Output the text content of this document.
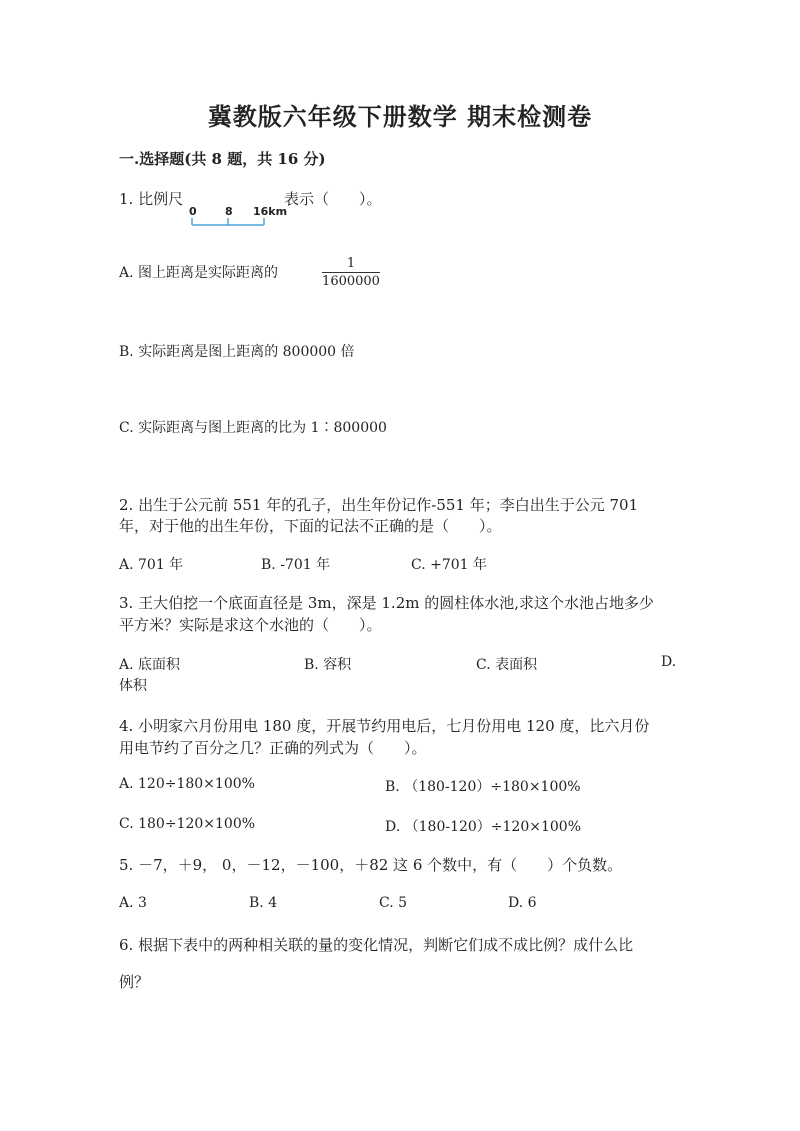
冀教版六年级下册数学 期末检测卷
一.选择题(共 8 题，共 16 分)
1. 比例尺
0	8 16km
表示（　　）。
A. 图上距离是实际距离的
1
1600000
B. 实际距离是图上距离的 800000 倍
C. 实际距离与图上距离的比为 1∶800000
2. 出生于公元前 551 年的孔子，出生年份记作-551 年；李白出生于公元 701
年，对于他的出生年份，下面的记法不正确的是（　　）。
A. 701 年	B. -701 年	C. +701 年
3. 王大伯挖一个底面直径是 3m，深是 1.2m 的圆柱体水池,求这个水池占地多少
平方米？实际是求这个水池的（　　）。
A. 底面积	B. 容积	C. 表面积	D.
体积
4. 小明家六月份用电 180 度，开展节约用电后，七月份用电 120 度，比六月份
用电节约了百分之几？正确的列式为（　　）。
A. 120÷180×100%	B. （180-120）÷180×100%
C. 180÷120×100%	D. （180-120）÷120×100%
5. －7，＋9， 0，－12，－100，＋82 这 6 个数中，有（　　）个负数。
A. 3	B. 4	C. 5	D. 6
6. 根据下表中的两种相关联的量的变化情况，判断它们成不成比例？成什么比
例？
